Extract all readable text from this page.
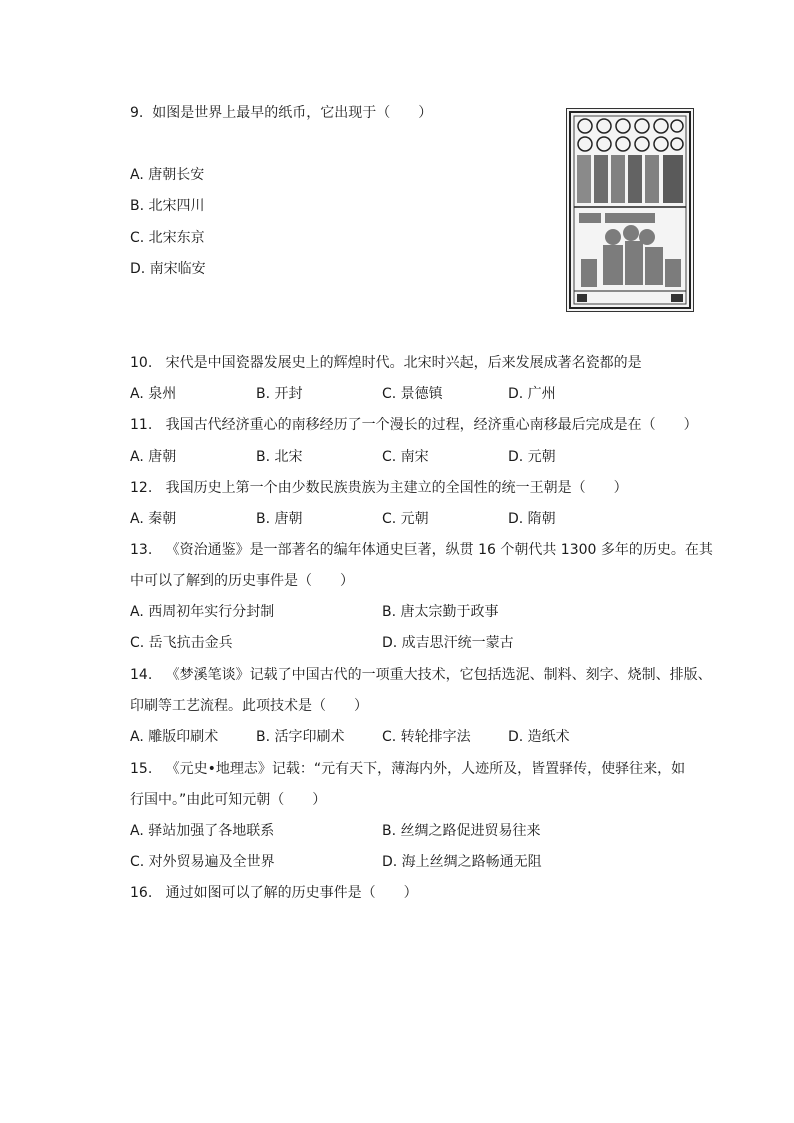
9. 如图是世界上最早的纸币，它出现于（　　）
A. 唐朝长安
B. 北宋四川
C. 北宋东京
D. 南宋临安
10. 宋代是中国瓷器发展史上的辉煌时代。北宋时兴起，后来发展成著名瓷都的是
A. 泉州	B. 开封	C. 景德镇	D. 广州
11. 我国古代经济重心的南移经历了一个漫长的过程，经济重心南移最后完成是在（　　）
A. 唐朝	B. 北宋	C. 南宋	D. 元朝
12. 我国历史上第一个由少数民族贵族为主建立的全国性的统一王朝是（　　）
A. 秦朝	B. 唐朝	C. 元朝	D. 隋朝
13. 《资治通鉴》是一部著名的编年体通史巨著，纵贯 16 个朝代共 1300 多年的历史。在其
中可以了解到的历史事件是（　　）
A. 西周初年实行分封制	B. 唐太宗勤于政事
C. 岳飞抗击金兵	D. 成吉思汗统一蒙古
14. 《梦溪笔谈》记载了中国古代的一项重大技术，它包括选泥、制料、刻字、烧制、排版、
印刷等工艺流程。此项技术是（　　）
A. 雕版印刷术	B. 活字印刷术	C. 转轮排字法	D. 造纸术
15. 《元史•地理志》记载：“元有天下，薄海内外，人迹所及，皆置驿传，使驿往来，如
行国中。”由此可知元朝（　　）
A. 驿站加强了各地联系	B. 丝绸之路促进贸易往来
C. 对外贸易遍及全世界	D. 海上丝绸之路畅通无阻
16. 通过如图可以了解的历史事件是（　　）
